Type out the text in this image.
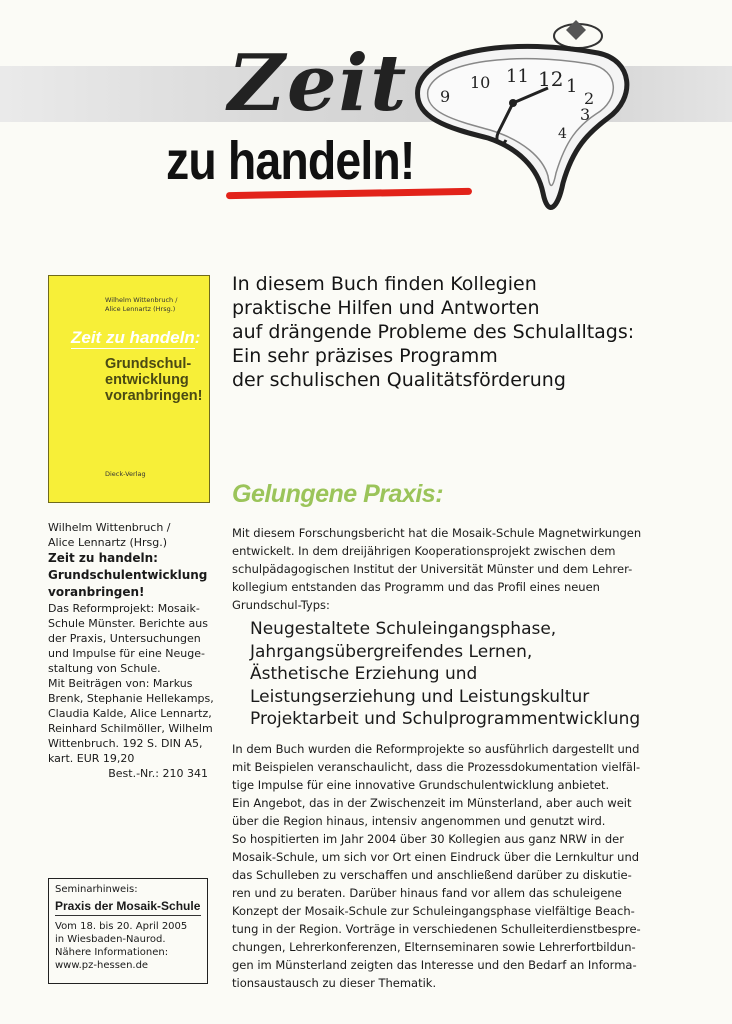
Zeit
zu handeln!
12 1
2
3
11
10
9
4
Wilhelm Wittenbruch /
Alice Lennartz (Hrsg.)
Zeit zu handeln:
Grundschul-
entwicklung
voranbringen!
Dieck-Verlag
In diesem Buch finden Kollegien
praktische Hilfen und Antworten
auf drängende Probleme des Schulalltags:
Ein sehr präzises Programm
der schulischen Qualitätsförderung
Gelungene Praxis:
Mit diesem Forschungsbericht hat die Mosaik-Schule Magnetwirkungen
entwickelt. In dem dreijährigen Kooperationsprojekt zwischen dem
schulpädagogischen Institut der Universität Münster und dem Lehrer-
kollegium entstanden das Programm und das Profil eines neuen
Grundschul-Typs:
Neugestaltete Schuleingangsphase,
Jahrgangsübergreifendes Lernen,
Ästhetische Erziehung und
Leistungserziehung und Leistungskultur
Projektarbeit und Schulprogrammentwicklung
In dem Buch wurden die Reformprojekte so ausführlich dargestellt und
mit Beispielen veranschaulicht, dass die Prozessdokumentation vielfäl-
tige Impulse für eine innovative Grundschulentwicklung anbietet.
Ein Angebot, das in der Zwischenzeit im Münsterland, aber auch weit
über die Region hinaus, intensiv angenommen und genutzt wird.
So hospitierten im Jahr 2004 über 30 Kollegien aus ganz NRW in der
Mosaik-Schule, um sich vor Ort einen Eindruck über die Lernkultur und
das Schulleben zu verschaffen und anschließend darüber zu diskutie-
ren und zu beraten. Darüber hinaus fand vor allem das schuleigene
Konzept der Mosaik-Schule zur Schuleingangsphase vielfältige Beach-
tung in der Region. Vorträge in verschiedenen Schulleiterdienstbespre-
chungen, Lehrerkonferenzen, Elternseminaren sowie Lehrerfortbildun-
gen im Münsterland zeigten das Interesse und den Bedarf an Informa-
tionsaustausch zu dieser Thematik.
Wilhelm Wittenbruch /
Alice Lennartz (Hrsg.)
Zeit zu handeln:
Grundschulentwicklung
voranbringen!
Das Reformprojekt: Mosaik-
Schule Münster. Berichte aus
der Praxis, Untersuchungen
und Impulse für eine Neuge-
staltung von Schule.
Mit Beiträgen von: Markus
Brenk, Stephanie Hellekamps,
Claudia Kalde, Alice Lennartz,
Reinhard Schilmöller, Wilhelm
Wittenbruch. 192 S. DIN A5,
kart. EUR 19,20
Best.-Nr.: 210 341
Seminarhinweis:
Praxis der Mosaik-Schule
Vom 18. bis 20. April 2005
in Wiesbaden-Naurod.
Nähere Informationen:
www.pz-hessen.de
